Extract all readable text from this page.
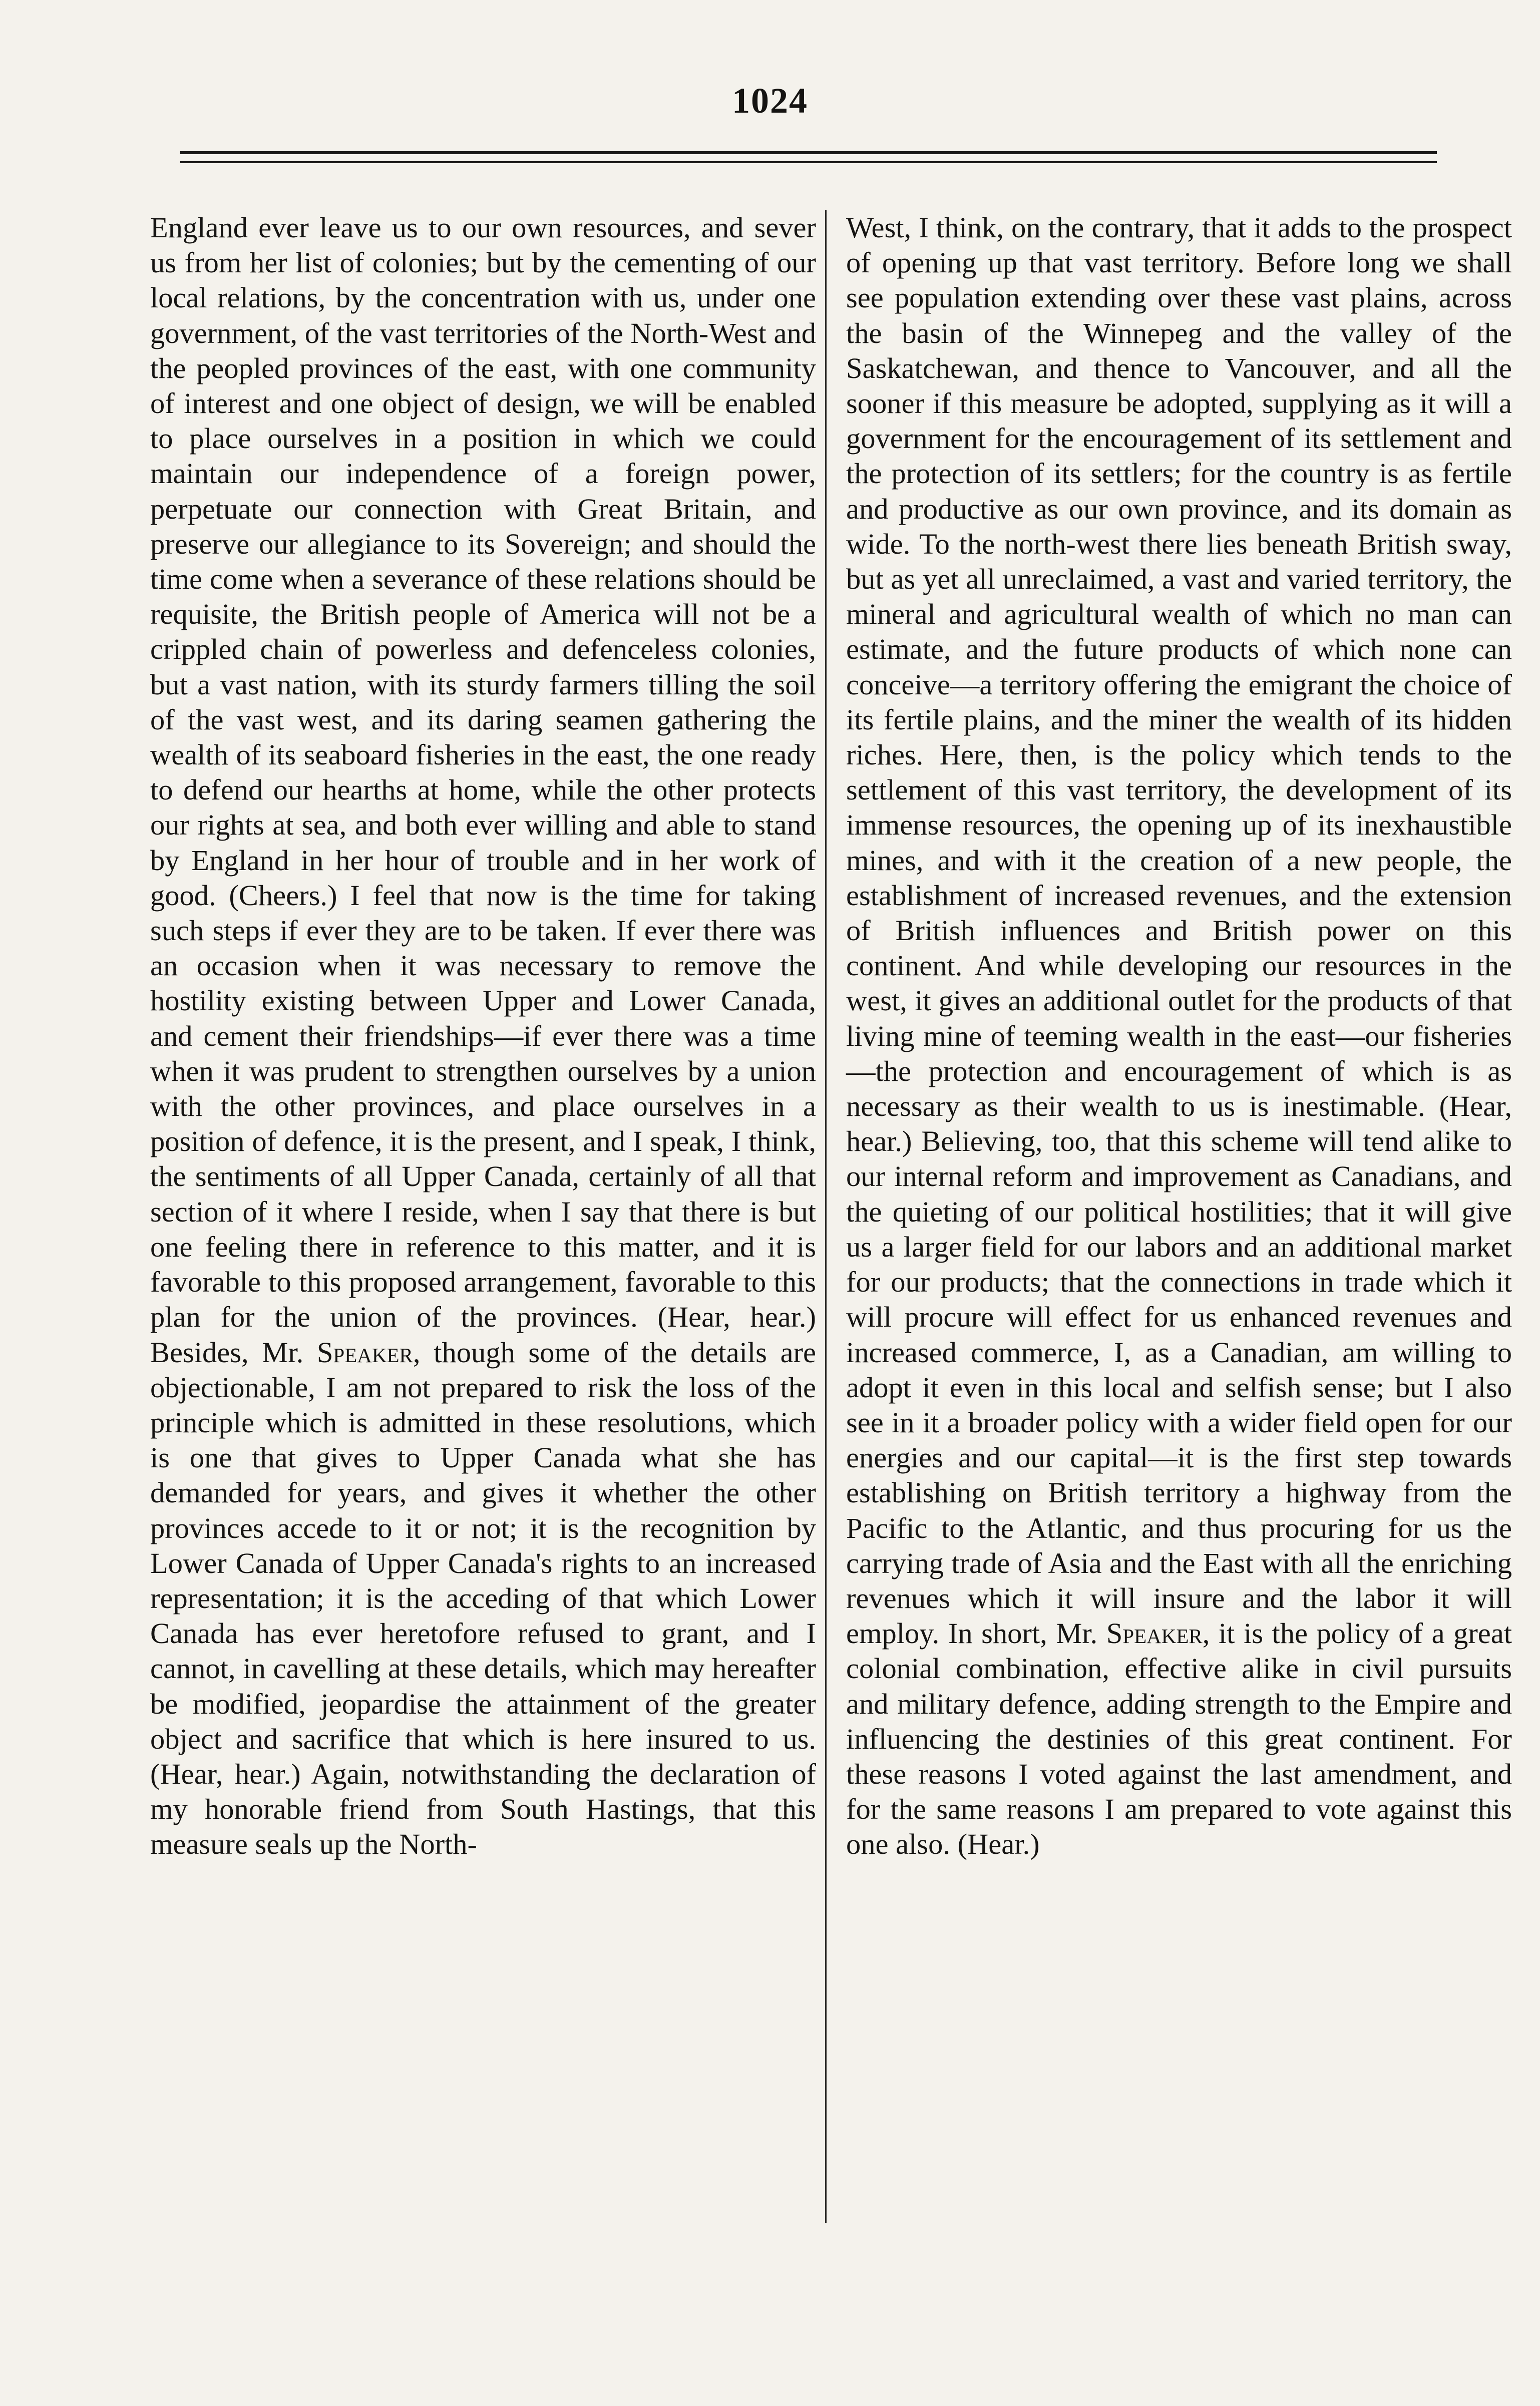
1024

England ever leave us to our own resources, and sever us from her list of colonies; but by the cementing of our local relations, by the concentration with us, under one government, of the vast territories of the North-West and the peopled provinces of the east, with one community of interest and one object of design, we will be enabled to place ourselves in a position in which we could maintain our independence of a foreign power, perpetuate our connection with Great Britain, and preserve our allegiance to its Sovereign; and should the time come when a severance of these relations should be requisite, the British people of America will not be a crippled chain of powerless and defenceless colonies, but a vast nation, with its sturdy farmers tilling the soil of the vast west, and its daring seamen gathering the wealth of its seaboard fisheries in the east, the one ready to defend our hearths at home, while the other protects our rights at sea, and both ever willing and able to stand by England in her hour of trouble and in her work of good. (Cheers.) I feel that now is the time for taking such steps if ever they are to be taken. If ever there was an occasion when it was necessary to remove the hostility existing between Upper and Lower Canada, and cement their friendships—if ever there was a time when it was prudent to strengthen ourselves by a union with the other provinces, and place ourselves in a position of defence, it is the present, and I speak, I think, the sentiments of all Upper Canada, certainly of all that section of it where I reside, when I say that there is but one feeling there in reference to this matter, and it is favorable to this proposed arrangement, favorable to this plan for the union of the provinces. (Hear, hear.) Besides, Mr. Speaker, though some of the details are objectionable, I am not prepared to risk the loss of the principle which is admitted in these resolutions, which is one that gives to Upper Canada what she has demanded for years, and gives it whether the other provinces accede to it or not; it is the recognition by Lower Canada of Upper Canada's rights to an increased representation; it is the acceding of that which Lower Canada has ever heretofore refused to grant, and I cannot, in cavelling at these details, which may hereafter be modified, jeopardise the attainment of the greater object and sacrifice that which is here insured to us. (Hear, hear.) Again, notwithstanding the declaration of my honorable friend from South Hastings, that this measure seals up the North-

West, I think, on the contrary, that it adds to the prospect of opening up that vast territory. Before long we shall see population extending over these vast plains, across the basin of the Winnepeg and the valley of the Saskatchewan, and thence to Vancouver, and all the sooner if this measure be adopted, supplying as it will a government for the encouragement of its settlement and the protection of its settlers; for the country is as fertile and productive as our own province, and its domain as wide. To the north-west there lies beneath British sway, but as yet all unreclaimed, a vast and varied territory, the mineral and agricultural wealth of which no man can estimate, and the future products of which none can conceive—a territory offering the emigrant the choice of its fertile plains, and the miner the wealth of its hidden riches. Here, then, is the policy which tends to the settlement of this vast territory, the development of its immense resources, the opening up of its inexhaustible mines, and with it the creation of a new people, the establishment of increased revenues, and the extension of British influences and British power on this continent. And while developing our resources in the west, it gives an additional outlet for the products of that living mine of teeming wealth in the east—our fisheries—the protection and encouragement of which is as necessary as their wealth to us is inestimable. (Hear, hear.) Believing, too, that this scheme will tend alike to our internal reform and improvement as Canadians, and the quieting of our political hostilities; that it will give us a larger field for our labors and an additional market for our products; that the connections in trade which it will procure will effect for us enhanced revenues and increased commerce, I, as a Canadian, am willing to adopt it even in this local and selfish sense; but I also see in it a broader policy with a wider field open for our energies and our capital—it is the first step towards establishing on British territory a highway from the Pacific to the Atlantic, and thus procuring for us the carrying trade of Asia and the East with all the enriching revenues which it will insure and the labor it will employ. In short, Mr. Speaker, it is the policy of a great colonial combination, effective alike in civil pursuits and military defence, adding strength to the Empire and influencing the destinies of this great continent. For these reasons I voted against the last amendment, and for the same reasons I am prepared to vote against this one also. (Hear.)
